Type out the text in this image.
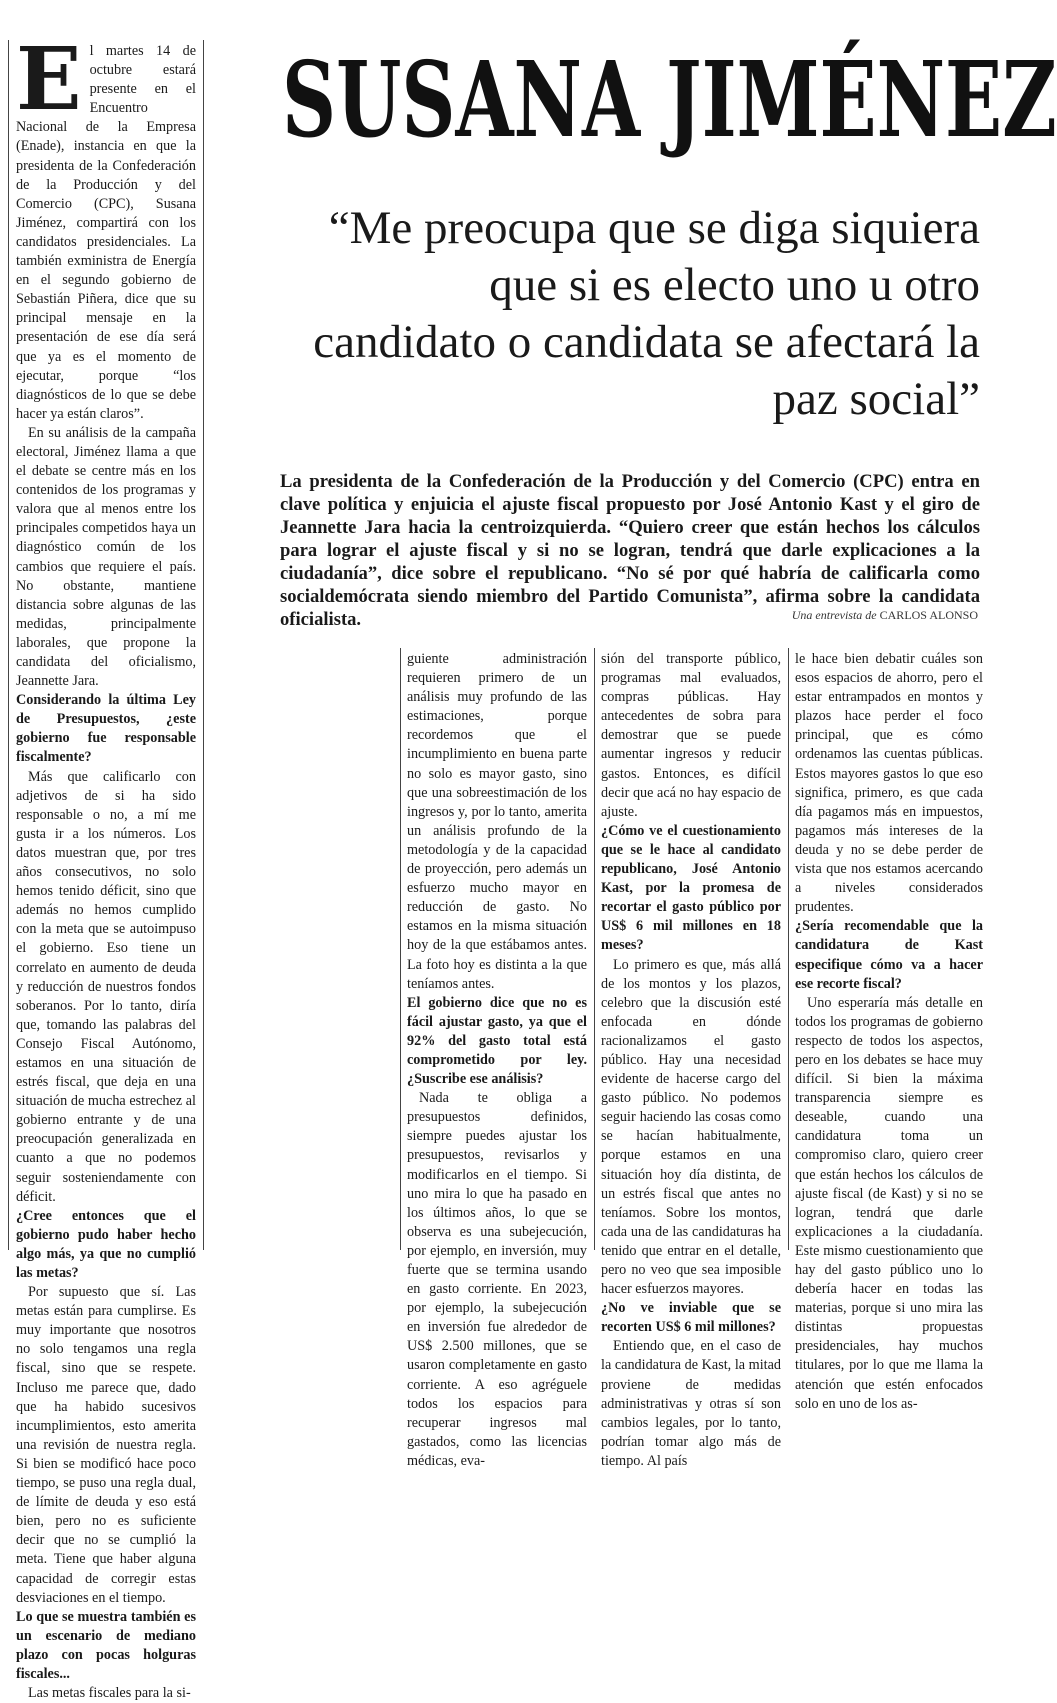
SUSANA JIMÉNEZ
“Me preocupa que se diga siquiera que si es electo uno u otro candidato o candidata se afectará la paz social”
La presidenta de la Confederación de la Producción y del Comercio (CPC) entra en clave política y enjuicia el ajuste fiscal propuesto por José Antonio Kast y el giro de Jeannette Jara hacia la centroizquierda. “Quiero creer que están hechos los cálculos para lograr el ajuste fiscal y si no se logran, tendrá que darle explicaciones a la ciudadanía”, dice sobre el republicano. “No sé por qué habría de calificarla como socialdemócrata siendo miembro del Partido Comunista”, afirma sobre la candidata oficialista.	Una entrevista de CARLOS ALONSO

El martes 14 de octubre estará presente en el Encuentro Nacional de la Empresa (Enade), instancia en que la presidenta de la Confederación de la Producción y del Comercio (CPC), Susana Jiménez, compartirá con los candidatos presidenciales. La también exministra de Energía en el segundo gobierno de Sebastián Piñera, dice que su principal mensaje en la presentación de ese día será que ya es el momento de ejecutar, porque “los diagnósticos de lo que se debe hacer ya están claros”.

En su análisis de la campaña electoral, Jiménez llama a que el debate se centre más en los contenidos de los programas y valora que al menos entre los principales competidos haya un diagnóstico común de los cambios que requiere el país. No obstante, mantiene distancia sobre algunas de las medidas, principalmente laborales, que propone la candidata del oficialismo, Jeannette Jara.

Considerando la última Ley de Presupuestos, ¿este gobierno fue responsable fiscalmente?

Más que calificarlo con adjetivos de si ha sido responsable o no, a mí me gusta ir a los números. Los datos muestran que, por tres años consecutivos, no solo hemos tenido déficit, sino que además no hemos cumplido con la meta que se autoimpuso el gobierno. Eso tiene un correlato en aumento de deuda y reducción de nuestros fondos soberanos. Por lo tanto, diría que, tomando las palabras del Consejo Fiscal Autónomo, estamos en una situación de estrés fiscal, que deja en una situación de mucha estrechez al gobierno entrante y de una preocupación generalizada en cuanto a que no podemos seguir sosteniendamente con déficit.

¿Cree entonces que el gobierno pudo haber hecho algo más, ya que no cumplió las metas?

Por supuesto que sí. Las metas están para cumplirse. Es muy importante que nosotros no solo tengamos una regla fiscal, sino que se respete. Incluso me parece que, dado que ha habido sucesivos incumplimientos, esto amerita una revisión de nuestra regla. Si bien se modificó hace poco tiempo, se puso una regla dual, de límite de deuda y eso está bien, pero no es suficiente decir que no se cumplió la meta. Tiene que haber alguna capacidad de corregir estas desviaciones en el tiempo.

Lo que se muestra también es un escenario de mediano plazo con pocas holguras fiscales...

Las metas fiscales para la si-

guiente administración requieren primero de un análisis muy profundo de las estimaciones, porque recordemos que el incumplimiento en buena parte no solo es mayor gasto, sino que una sobreestimación de los ingresos y, por lo tanto, amerita un análisis profundo de la metodología y de la capacidad de proyección, pero además un esfuerzo mucho mayor en reducción de gasto. No estamos en la misma situación hoy de la que estábamos antes. La foto hoy es distinta a la que teníamos antes.

El gobierno dice que no es fácil ajustar gasto, ya que el 92% del gasto total está comprometido por ley. ¿Suscribe ese análisis?

Nada te obliga a presupuestos definidos, siempre puedes ajustar los presupuestos, revisarlos y modificarlos en el tiempo. Si uno mira lo que ha pasado en los últimos años, lo que se observa es una subejecución, por ejemplo, en inversión, muy fuerte que se termina usando en gasto corriente. En 2023, por ejemplo, la subejecución en inversión fue alrededor de US$ 2.500 millones, que se usaron completamente en gasto corriente. A eso agréguele todos los espacios para recuperar ingresos mal gastados, como las licencias médicas, eva-

sión del transporte público, programas mal evaluados, compras públicas. Hay antecedentes de sobra para demostrar que se puede aumentar ingresos y reducir gastos. Entonces, es difícil decir que acá no hay espacio de ajuste.

¿Cómo ve el cuestionamiento que se le hace al candidato republicano, José Antonio Kast, por la promesa de recortar el gasto público por US$ 6 mil millones en 18 meses?

Lo primero es que, más allá de los montos y los plazos, celebro que la discusión esté enfocada en dónde racionalizamos el gasto público. Hay una necesidad evidente de hacerse cargo del gasto público. No podemos seguir haciendo las cosas como se hacían habitualmente, porque estamos en una situación hoy día distinta, de un estrés fiscal que antes no teníamos. Sobre los montos, cada una de las candidaturas ha tenido que entrar en el detalle, pero no veo que sea imposible hacer esfuerzos mayores.

¿No ve inviable que se recorten US$ 6 mil millones?

Entiendo que, en el caso de la candidatura de Kast, la mitad proviene de medidas administrativas y otras sí son cambios legales, por lo tanto, podrían tomar algo más de tiempo. Al país

le hace bien debatir cuáles son esos espacios de ahorro, pero el estar entrampados en montos y plazos hace perder el foco principal, que es cómo ordenamos las cuentas públicas. Estos mayores gastos lo que eso significa, primero, es que cada día pagamos más en impuestos, pagamos más intereses de la deuda y no se debe perder de vista que nos estamos acercando a niveles considerados prudentes.

¿Sería recomendable que la candidatura de Kast especifique cómo va a hacer ese recorte fiscal?

Uno esperaría más detalle en todos los programas de gobierno respecto de todos los aspectos, pero en los debates se hace muy difícil. Si bien la máxima transparencia siempre es deseable, cuando una candidatura toma un compromiso claro, quiero creer que están hechos los cálculos de ajuste fiscal (de Kast) y si no se logran, tendrá que darle explicaciones a la ciudadanía. Este mismo cuestionamiento que hay del gasto público uno lo debería hacer en todas las materias, porque si uno mira las distintas propuestas presidenciales, hay muchos titulares, por lo que me llama la atención que estén enfocados solo en uno de los as-
